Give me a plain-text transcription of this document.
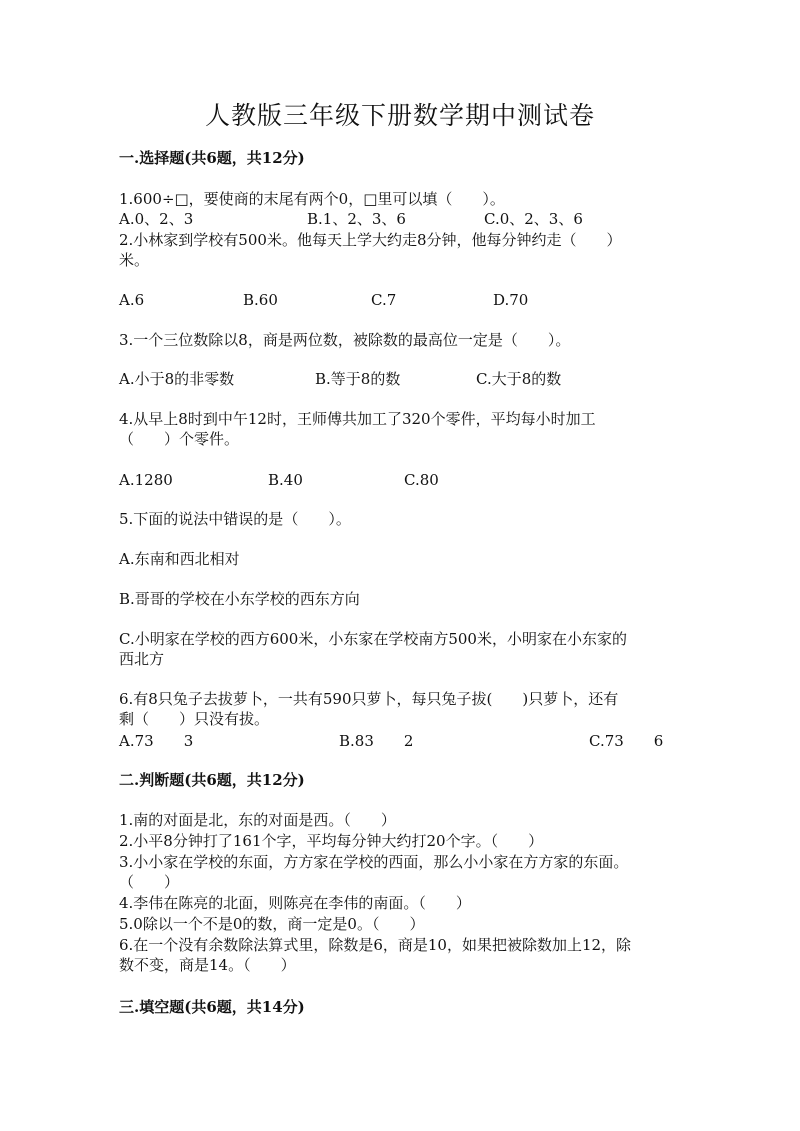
人教版三年级下册数学期中测试卷
一.选择题(共6题，共12分)
1.600÷□，要使商的末尾有两个0，□里可以填（　　）。
A.0、2、3	B.1、2、3、6	C.0、2、3、6
2.小林家到学校有500米。他每天上学大约走8分钟，他每分钟约走（　　）
米。
A.6	B.60	C.7	D.70
3.一个三位数除以8，商是两位数，被除数的最高位一定是（　　）。
A.小于8的非零数	B.等于8的数	C.大于8的数
4.从早上8时到中午12时，王师傅共加工了320个零件，平均每小时加工
（　　）个零件。
A.1280	B.40	C.80
5.下面的说法中错误的是（　　）。
A.东南和西北相对
B.哥哥的学校在小东学校的西东方向
C.小明家在学校的西方600米，小东家在学校南方500米，小明家在小东家的
西北方
6.有8只兔子去拔萝卜，一共有590只萝卜，每只兔子拔(　　)只萝卜，还有
剩（　　）只没有拔。
A.73　　3	B.83　　2	C.73　　6
二.判断题(共6题，共12分)
1.南的对面是北，东的对面是西。（　　）
2.小平8分钟打了161个字，平均每分钟大约打20个字。（　　）
3.小小家在学校的东面，方方家在学校的西面，那么小小家在方方家的东面。
（　　）
4.李伟在陈亮的北面，则陈亮在李伟的南面。（　　）
5.0除以一个不是0的数，商一定是0。（　　）
6.在一个没有余数除法算式里，除数是6，商是10，如果把被除数加上12，除
数不变，商是14。（　　）
三.填空题(共6题，共14分)
